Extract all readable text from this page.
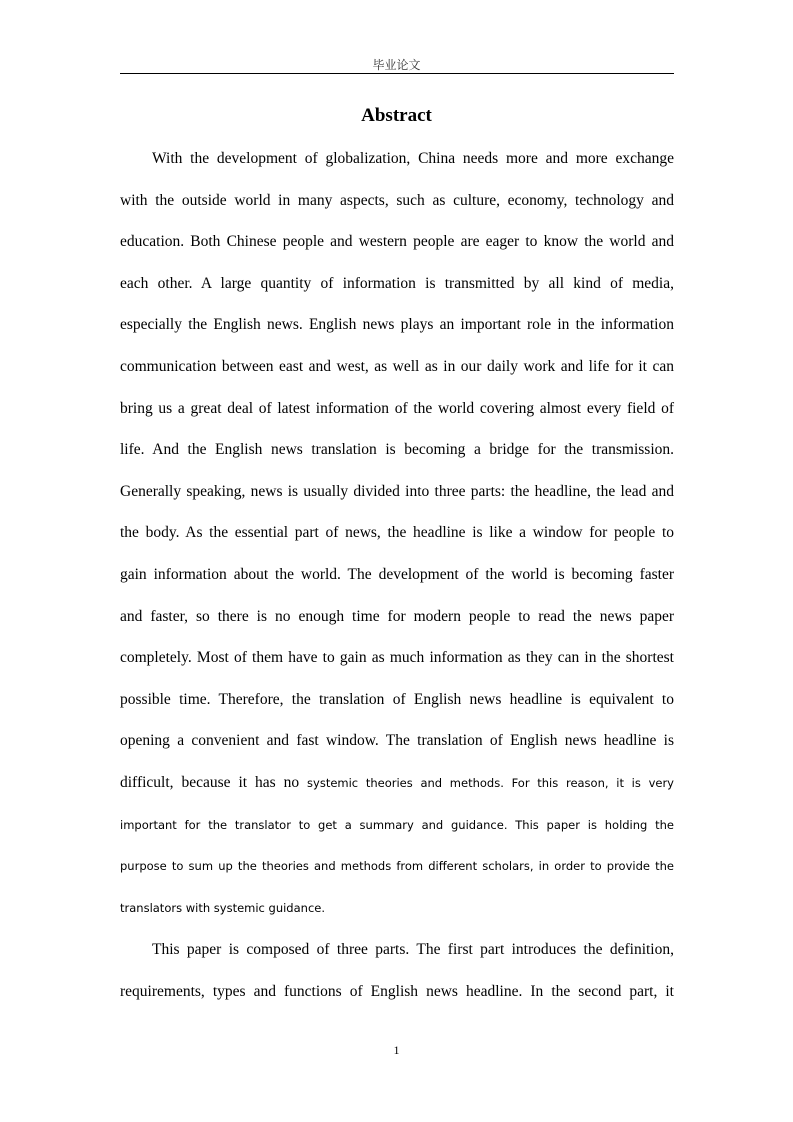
毕业论文
Abstract
With the development of globalization, China needs more and more exchange
with the outside world in many aspects, such as culture, economy, technology and
education. Both Chinese people and western people are eager to know the world and
each other. A large quantity of information is transmitted by all kind of media,
especially the English news. English news plays an important role in the information
communication between east and west, as well as in our daily work and life for it can
bring us a great deal of latest information of the world covering almost every field of
life. And the English news translation is becoming a bridge for the transmission.
Generally speaking, news is usually divided into three parts: the headline, the lead and
the body. As the essential part of news, the headline is like a window for people to
gain information about the world. The development of the world is becoming faster
and faster, so there is no enough time for modern people to read the news paper
completely. Most of them have to gain as much information as they can in the shortest
possible time. Therefore, the translation of English news headline is equivalent to
opening a convenient and fast window. The translation of English news headline is
difficult, because it has no systemic theories and methods. For this reason, it is very
important for the translator to get a summary and guidance. This paper is holding the
purpose to sum up the theories and methods from different scholars, in order to provide the
translators with systemic guidance.
This paper is composed of three parts. The first part introduces the definition,
requirements, types and functions of English news headline. In the second part, it
1
